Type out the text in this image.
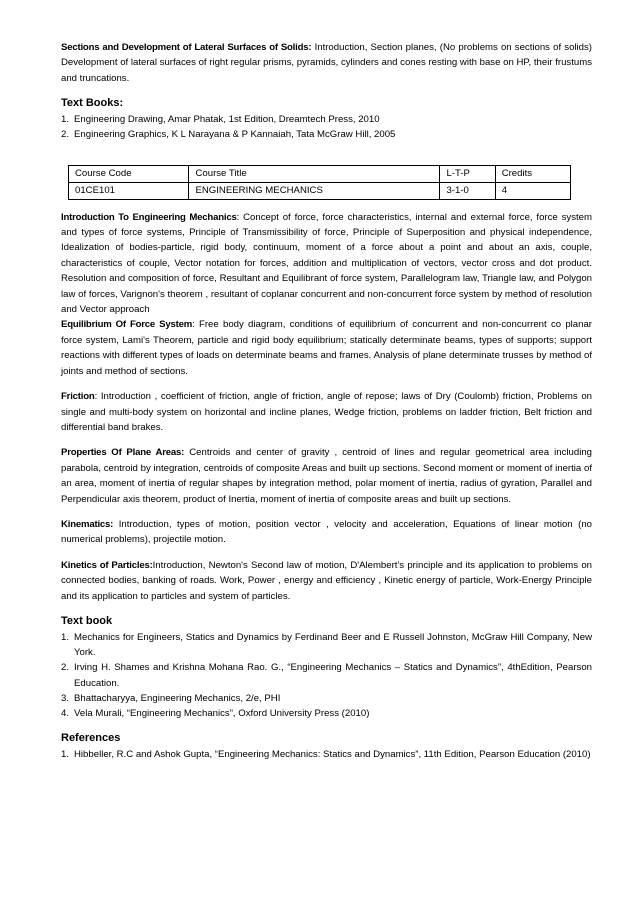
Sections and Development of Lateral Surfaces of Solids: Introduction, Section planes, (No problems on sections of solids) Development of lateral surfaces of right regular prisms, pyramids, cylinders and cones resting with base on HP, their frustums and truncations.

Text Books:

1. Engineering Drawing, Amar Phatak, 1st Edition, Dreamtech Press, 2010
2. Engineering Graphics, K L Narayana & P Kannaiah, Tata McGraw Hill, 2005
Course Code	Course Title	L-T-P	Credits
01CE101	ENGINEERING MECHANICS	3-1-0	4

Introduction To Engineering Mechanics: Concept of force, force characteristics, internal and external force, force system and types of force systems, Principle of Transmissibility of force, Principle of Superposition and physical independence, Idealization of bodies-particle, rigid body, continuum, moment of a force about a point and about an axis, couple, characteristics of couple, Vector notation for forces, addition and multiplication of vectors, vector cross and dot product. Resolution and composition of force, Resultant and Equilibrant of force system, Parallelogram law, Triangle law, and Polygon law of forces, Varignon's theorem , resultant of coplanar concurrent and non-concurrent force system by method of resolution and Vector approach

Equilibrium Of Force System: Free body diagram, conditions of equilibrium of concurrent and non-concurrent co planar force system, Lami's Theorem, particle and rigid body equilibrium; statically determinate beams, types of supports; support reactions with different types of loads on determinate beams and frames. Analysis of plane determinate trusses by method of joints and method of sections.

Friction: Introduction , coefficient of friction, angle of friction, angle of repose; laws of Dry (Coulomb) friction, Problems on single and multi-body system on horizontal and incline planes, Wedge friction, problems on ladder friction, Belt friction and differential band brakes.

Properties Of Plane Areas: Centroids and center of gravity , centroid of lines and regular geometrical area including parabola, centroid by integration, centroids of composite Areas and built up sections. Second moment or moment of inertia of an area, moment of inertia of regular shapes by integration method, polar moment of inertia, radius of gyration, Parallel and Perpendicular axis theorem, product of Inertia, moment of inertia of composite areas and built up sections.

Kinematics: Introduction, types of motion, position vector , velocity and acceleration, Equations of linear motion (no numerical problems), projectile motion.

Kinetics of Particles:Introduction, Newton's Second law of motion, D'Alembert's principle and its application to problems on connected bodies, banking of roads. Work, Power , energy and efficiency , Kinetic energy of particle, Work-Energy Principle and its application to particles and system of particles.

Text book

1. Mechanics for Engineers, Statics and Dynamics by Ferdinand Beer and E Russell Johnston, McGraw Hill Company, New York.
2. Irving H. Shames and Krishna Mohana Rao. G., “Engineering Mechanics – Statics and Dynamics”, 4thEdition, Pearson Education.
3. Bhattacharyya, Engineering Mechanics, 2/e, PHI
4. Vela Murali, “Engineering Mechanics”, Oxford University Press (2010)

References

1. Hibbeller, R.C and Ashok Gupta, “Engineering Mechanics: Statics and Dynamics”, 11th Edition, Pearson Education (2010)
